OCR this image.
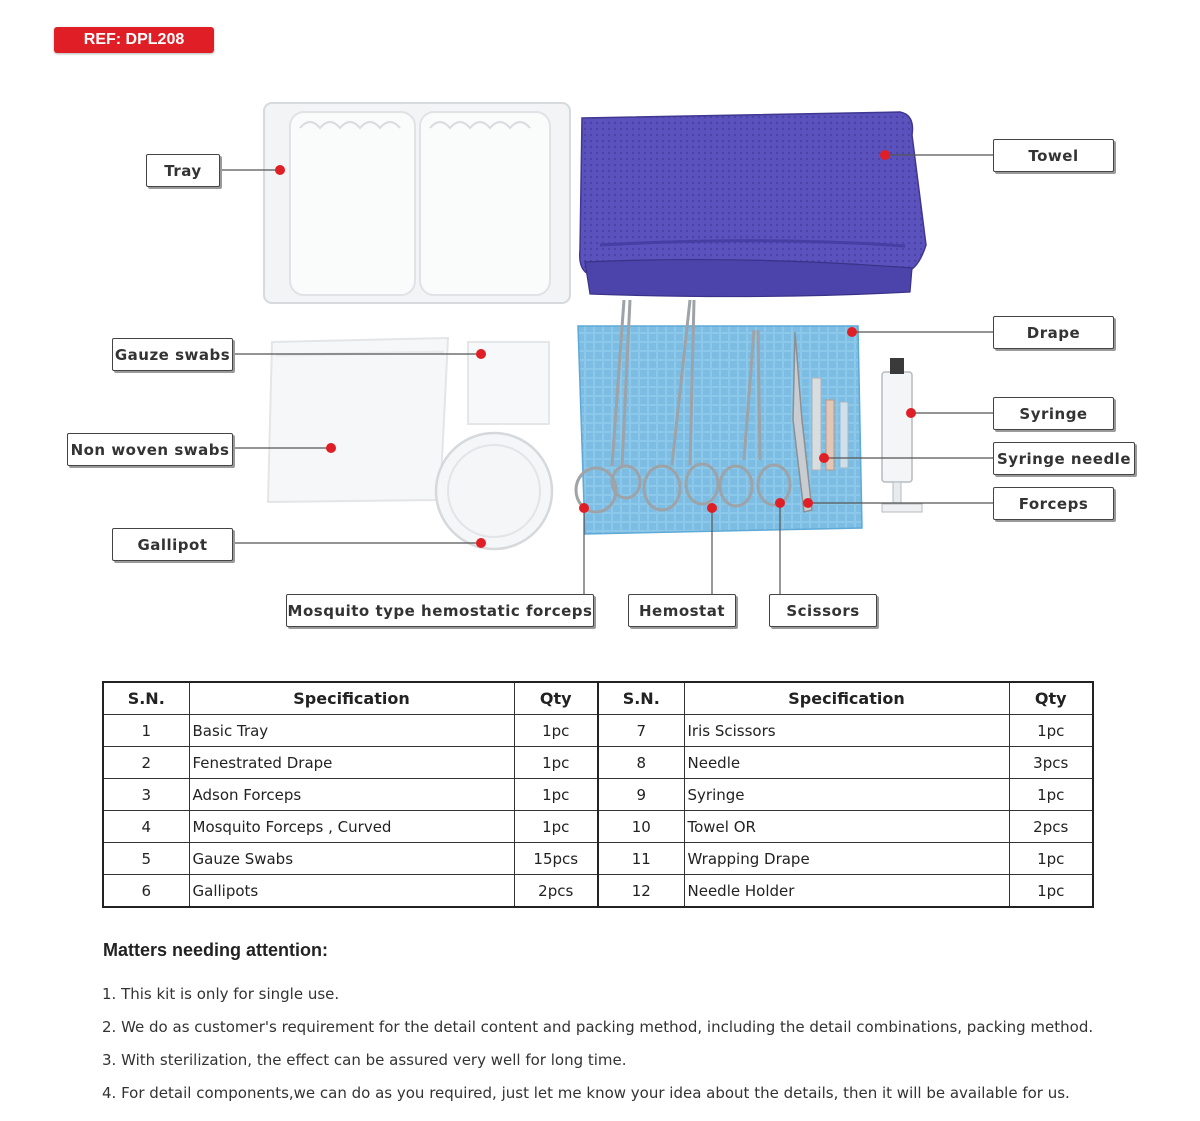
REF: DPL208
Tray
Towel
Gauze swabs
Drape
Syringe
Non woven swabs	Syringe needle
Forceps
Gallipot
Mosquito type hemostatic forceps	Hemostat	Scissors
S.N.	Specification	Qty	S.N.	Specification	Qty
1	Basic Tray	1pc	7	Iris Scissors	1pc
2	Fenestrated Drape	1pc	8	Needle	3pcs
3	Adson Forceps	1pc	9	Syringe	1pc
4	Mosquito Forceps , Curved	1pc	10	Towel OR	2pcs
5	Gauze Swabs	15pcs	11	Wrapping Drape	1pc
6	Gallipots	2pcs	12	Needle Holder	1pc
Matters needing attention:
1. This kit is only for single use.
2. We do as customer's requirement for the detail content and packing method, including the detail combinations, packing method.
3. With sterilization, the effect can be assured very well for long time.
4. For detail components,we can do as you required, just let me know your idea about the details, then it will be available for us.
